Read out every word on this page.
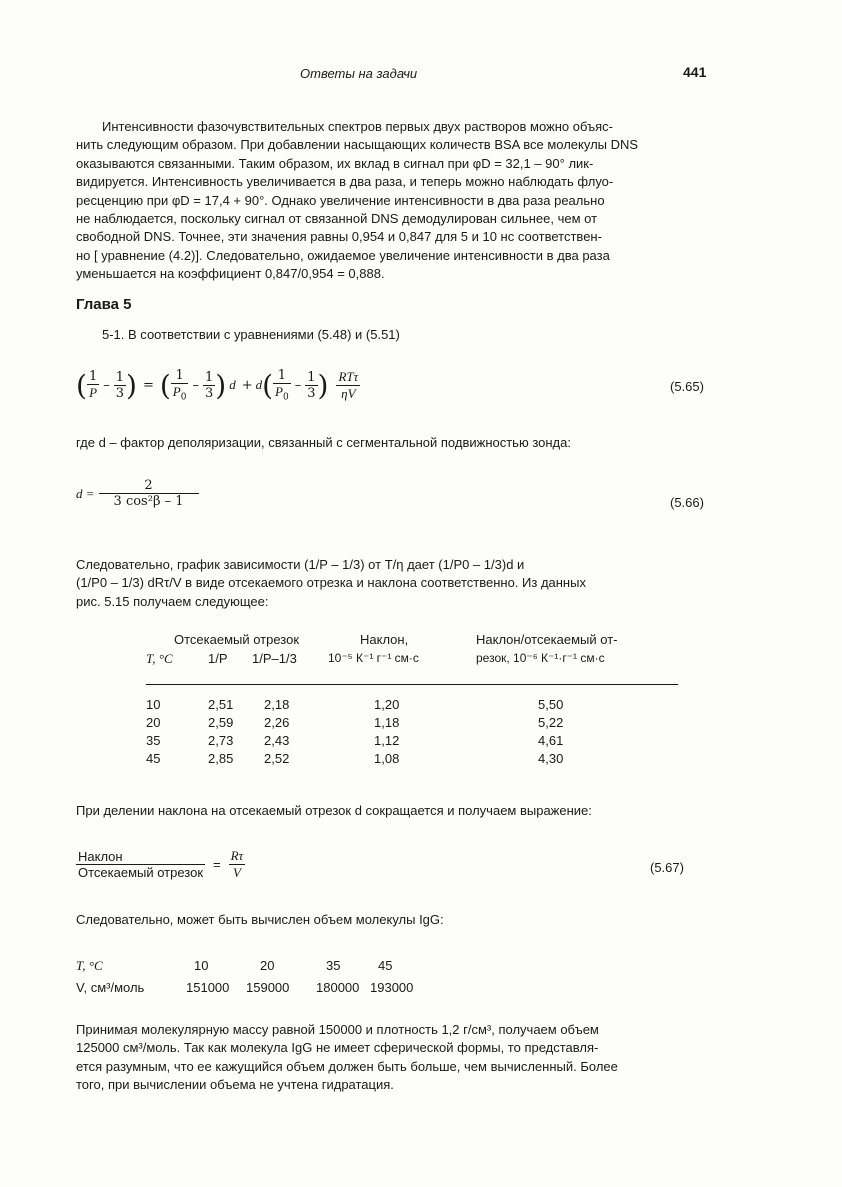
Ответы на задачи	441
Интенсивности фазочувствительных спектров первых двух растворов можно объяс-
нить следующим образом. При добавлении насыщающих количеств BSA все молекулы DNS
оказываются связанными. Таким образом, их вклад в сигнал при φD = 32,1 – 90° лик-
видируется. Интенсивность увеличивается в два раза, и теперь можно наблюдать флуо-
ресценцию при φD = 17,4 + 90°. Однако увеличение интенсивности в два раза реально
не наблюдается, поскольку сигнал от связанной DNS демодулирован сильнее, чем от
свободной DNS. Точнее, эти значения равны 0,954 и 0,847 для 5 и 10 нс соответствен-
но [ уравнение (4.2)]. Следовательно, ожидаемое увеличение интенсивности в два раза
уменьшается на коэффициент 0,847/0,954 = 0,888.
Глава 5
5-1. В соответствии с уравнениями (5.48) и (5.51)
( $\frac{1}{P} - \frac{1}{3}$ ) = ( $\frac{1}{P_0} - \frac{1}{3}$ ) d + d ( $\frac{1}{P_0} - \frac{1}{3}$ ) $\frac{\text{RTτ}}{\eta V}$	(5.65)
где d – фактор деполяризации, связанный с сегментальной подвижностью зонда:
$d = \frac{2}{\text{3 cos²β – 1}}$	(5.66)
Следовательно, график зависимости (1/P – 1/3) от T/η дает (1/P0 – 1/3)d и
(1/P0 – 1/3) dRτ/V в виде отсекаемого отрезка и наклона соответственно. Из данных
рис. 5.15 получаем следующее:
Отсекаемый отрезок	Наклон,	Наклон/отсекаемый от-
T, °C	1/P 1/P–1/3	10⁻⁵ К⁻¹ г⁻¹ см·с	резок, 10⁻⁶ К⁻¹·г⁻¹ см·с
10	2,51 2,18	1,20	5,50
20	2,59 2,26	1,18	5,22
35	2,73 2,43	1,12	4,61
45	2,85 2,52	1,08	4,30
При делении наклона на отсекаемый отрезок d сокращается и получаем выражение:
$\frac{\text{Наклон}}{\text{Отсекаемый отрезок}} = \frac{R\tau}{V}$	(5.67)
Следовательно, может быть вычислен объем молекулы IgG:
T, °C	10	20	35	45
V, см³/моль	151000 159000 180000 193000
Принимая молекулярную массу равной 150000 и плотность 1,2 г/см³, получаем объем
125000 см³/моль. Так как молекула IgG не имеет сферической формы, то представля-
ется разумным, что ее кажущийся объем должен быть больше, чем вычисленный. Более
того, при вычислении объема не учтена гидратация.
